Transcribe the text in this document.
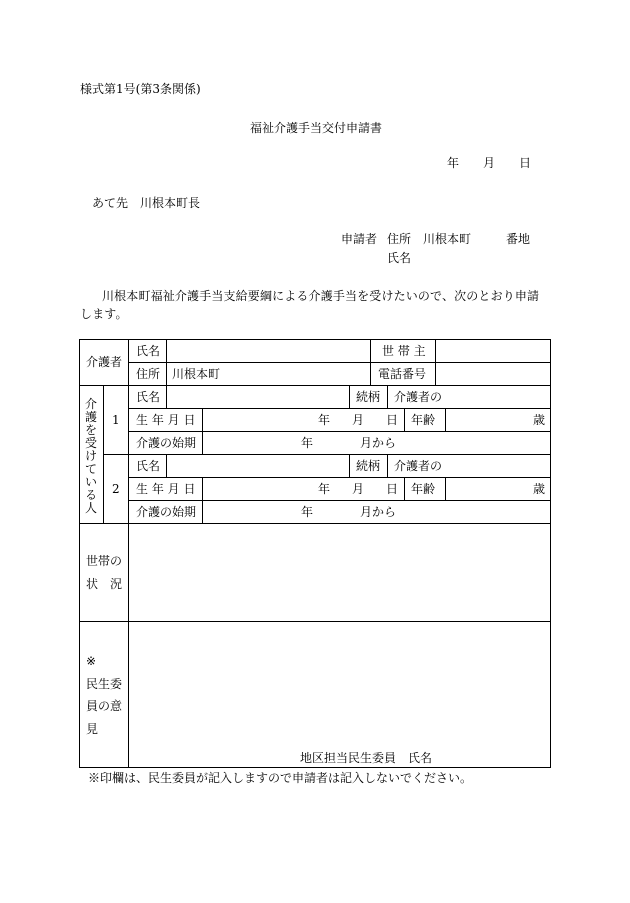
様式第1号(第3条関係)
福祉介護手当交付申請書
年 月 日
あて先　川根本町長
申請者 住所 川根本町	番地
氏名
川根本町福祉介護手当支給要綱による介護手当を受けたいので、次のとおり申請します。
介護者
氏名	世 帯 主
住所 川根本町	電話番号
介護を受けている人
1
氏名	続柄 介護者の
生 年 月 日	年 月 日 年齢	歳
介護の始期	年	月から
2
氏名	続柄 介護者の
生 年 月 日	年 月 日 年齢	歳
介護の始期	年	月から
世帯の
状　況
※
民生委
員の意
見
地区担当民生委員　氏名
※印欄は、民生委員が記入しますので申請者は記入しないでください。
